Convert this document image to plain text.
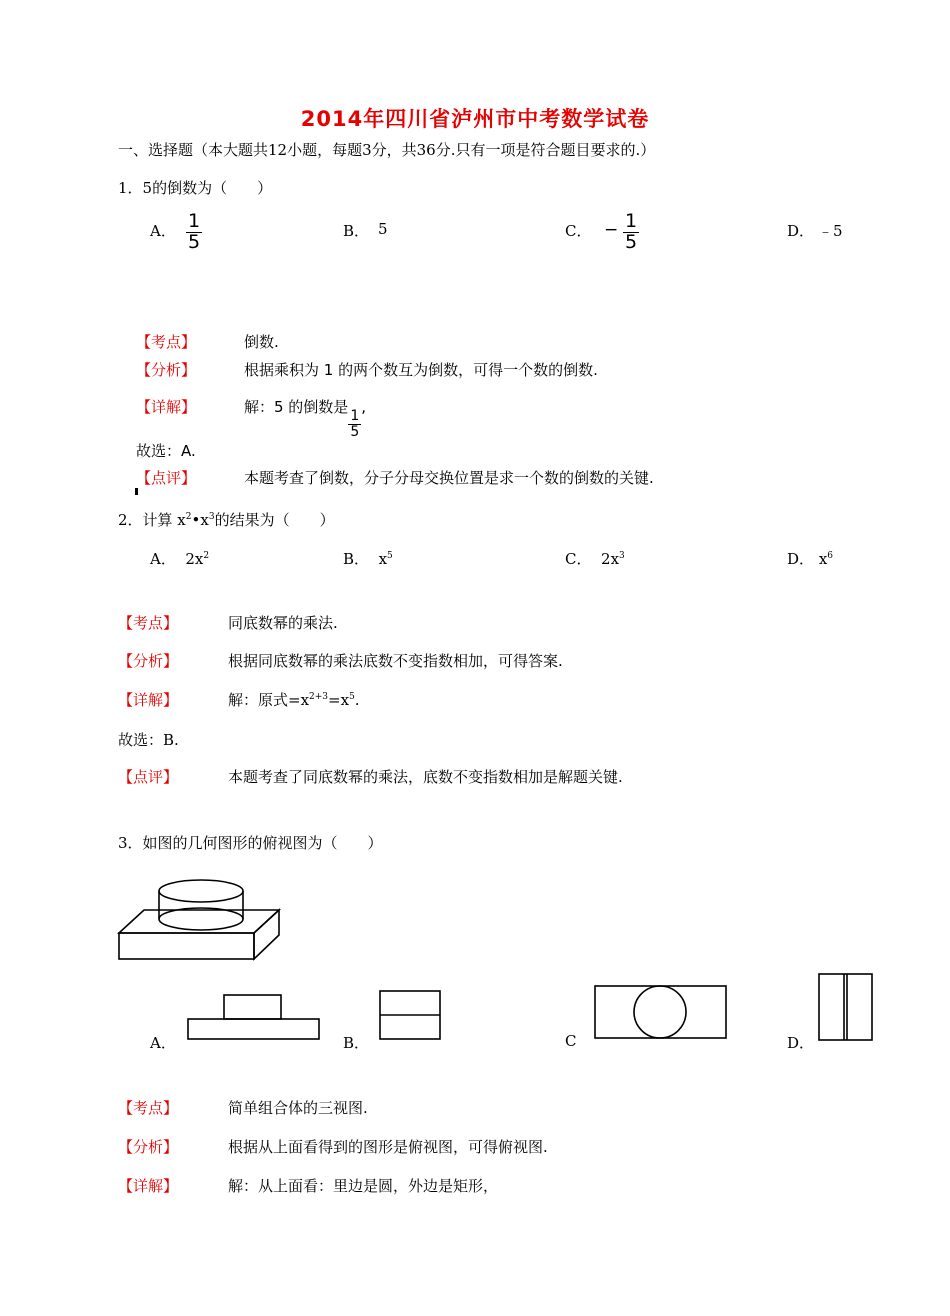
2014年四川省泸州市中考数学试卷
一、选择题（本大题共12小题，每题3分，共36分.只有一项是符合题目要求的.）
1．5的倒数为（　　）
A． $\frac{1}{5}$	B． 5	C． − $\frac{1}{5}$	D． ﹣5
【考点】	倒数.
【分析】	根据乘积为 1 的两个数互为倒数，可得一个数的倒数.
【详解】	解：5 的倒数是
$\frac{1}{5}$
,
故选：A.
【点评】	本题考查了倒数，分子分母交换位置是求一个数的倒数的关键.
2．计算 $x^2•x^3$的结果为（　　）
A． $2x^2$	B． $x^5$	C． $2x^3$	D． $x^6$
【考点】	同底数幂的乘法.
【分析】	根据同底数幂的乘法底数不变指数相加，可得答案.
【详解】	解：原式$=x^{2+3}=x^5$.
故选：B.
【点评】	本题考查了同底数幂的乘法，底数不变指数相加是解题关键.
3．如图的几何图形的俯视图为（　　）
A．	B．	C	D．
【考点】	简单组合体的三视图.
【分析】	根据从上面看得到的图形是俯视图，可得俯视图.
【详解】	解：从上面看：里边是圆，外边是矩形，
